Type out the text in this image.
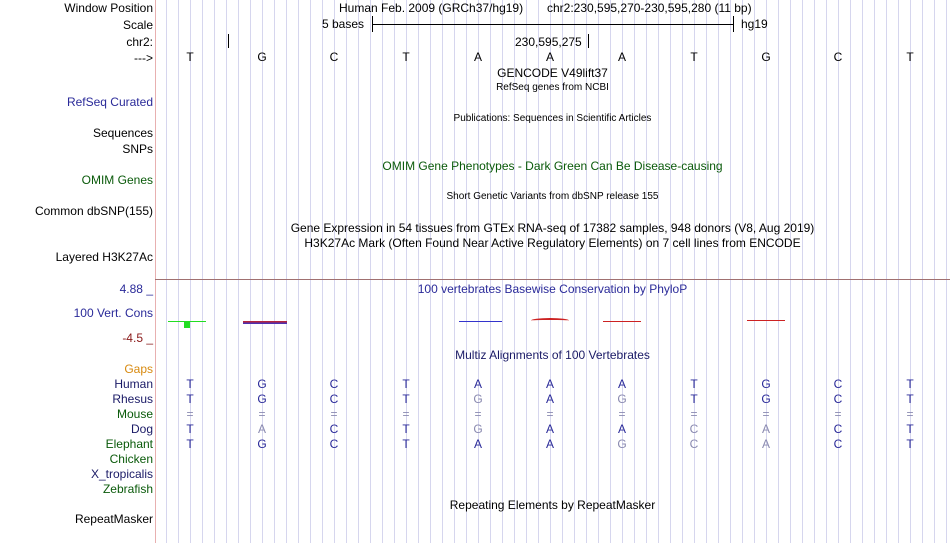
Window Position	Human Feb. 2009 (GRCh37/hg19) chr2:230,595,270-230,595,280 (11 bp)
Scale	5 bases	hg19
chr2:	230,595,275
--->	T	G	C	T	A	A	A	T	G	C	T
GENCODE V49lift37
RefSeq genes from NCBI
RefSeq Curated
Publications: Sequences in Scientific Articles
Sequences
SNPs
OMIM Gene Phenotypes - Dark Green Can Be Disease-causing
OMIM Genes
Short Genetic Variants from dbSNP release 155
Common dbSNP(155)
Gene Expression in 54 tissues from GTEx RNA-seq of 17382 samples, 948 donors (V8, Aug 2019)
H3K27Ac Mark (Often Found Near Active Regulatory Elements) on 7 cell lines from ENCODE
Layered H3K27Ac
100 vertebrates Basewise Conservation by PhyloP
4.88 _
100 Vert. Cons
-4.5 _
Multiz Alignments of 100 Vertebrates
Gaps
Human	T	G	C	T	A	A	A	T	G	C	T
Rhesus	T	G	C	T	G	A	G	T	G	C	T
Mouse	=	=	=	=	=	=	=	=	=	=	=
Dog	T	A	C	T	G	A	A	C	A	C	T
Elephant	T	G	C	T	A	A	G	C	A	C	T
Chicken
X_tropicalis
Zebrafish
Repeating Elements by RepeatMasker
RepeatMasker
